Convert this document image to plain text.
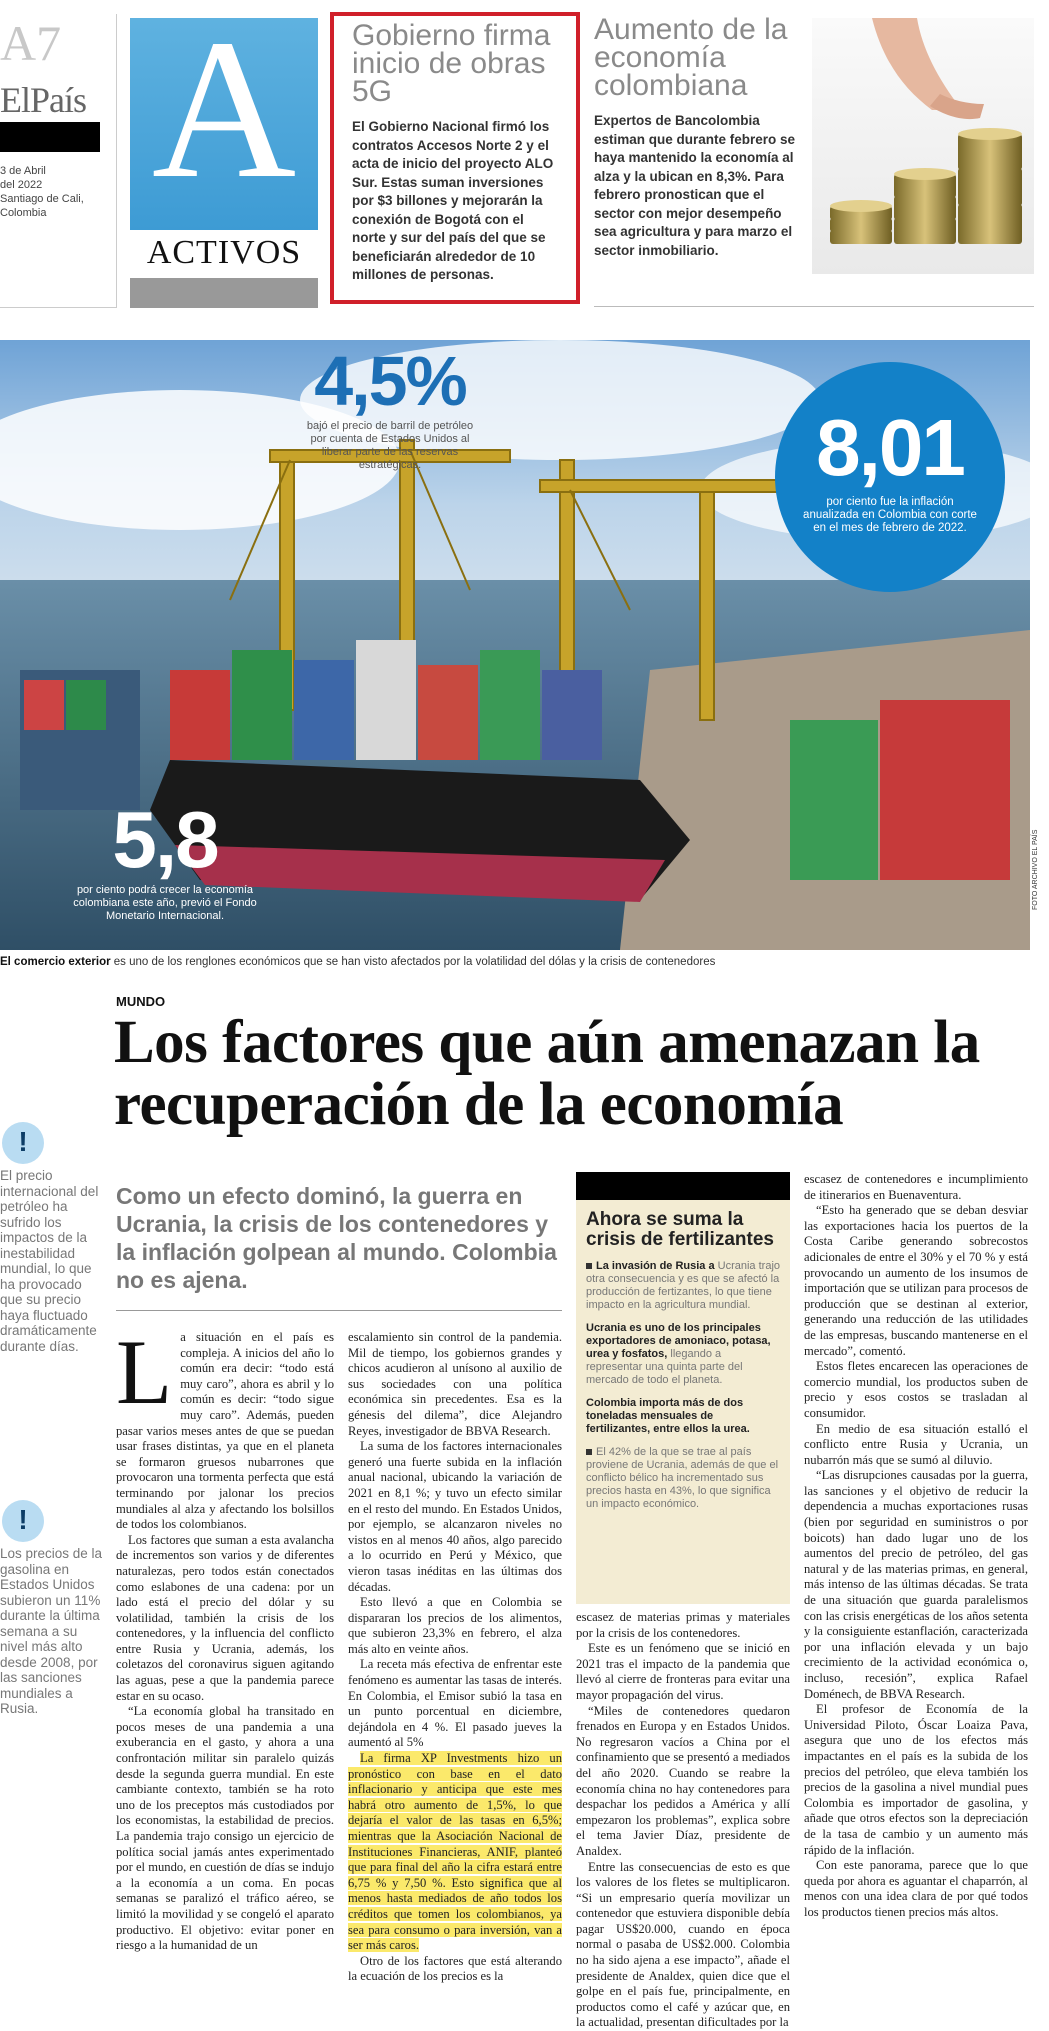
A7
ElPaís
3 de Abril
del 2022
Santiago de Cali,
Colombia A
ACTIVOS
Gobierno firma inicio de obras 5G

El Gobierno Nacional firmó los contratos Accesos Norte 2 y el acta de inicio del proyecto ALO Sur. Estas suman inversiones por $3 billones y mejorarán la conexión de Bogotá con el norte y sur del país del que se beneficiarán alrededor de 10 millones de personas.

Aumento de la economía colombiana

Expertos de Bancolombia estiman que durante febrero se haya mantenido la economía al alza y la ubican en 8,3%. Para febrero pronostican que el sector con mejor desempeño sea agricultura y para marzo el sector inmobiliario.

4,5%
bajó el precio de barril de petróleo por cuenta de Estados Unidos al liberar parte de las reservas estratégicas.	8,01
por ciento fue la inflación anualizada en Colombia con corte en el mes de febrero de 2022.
5,8
por ciento podrá crecer la economía colombiana este año, previó el Fondo Monetario Internacional.
FOTO ARCHIVO EL PAÍS
El comercio exterior es uno de los renglones económicos que se han visto afectados por la volatilidad del dólas y la crisis de contenedores
MUNDO
Los factores que aún amenazan la recuperación de la economía
!

El precio internacional del petróleo ha sufrido los impactos de la inestabilidad mundial, lo que ha provocado que su precio haya fluctuado dramáticamente durante días.

!

Los precios de la gasolina en Estados Unidos subieron un 11% durante la última semana a su nivel más alto desde 2008, por las sanciones mundiales a Rusia.

Como un efecto dominó, la guerra en Ucrania, la crisis de los contenedores y la inflación golpean al mundo. Colombia no es ajena.

L a situación en el país es compleja. A inicios del año lo común era decir: “todo está muy caro”, ahora es abril y lo común es decir: “todo sigue muy caro”. Además, pueden pasar varios meses antes de que se puedan usar frases distintas, ya que en el planeta se formaron gruesos nubarrones que provocaron una tormenta perfecta que está terminando por jalonar los precios mundiales al alza y afectando los bolsillos de todos los colombianos.

Los factores que suman a esta avalancha de incrementos son varios y de diferentes naturalezas, pero todos están conectados como eslabones de una cadena: por un lado está el precio del dólar y su volatilidad, también la crisis de los contenedores, y la influencia del conflicto entre Rusia y Ucrania, además, los coletazos del coronavirus siguen agitando las aguas, pese a que la pandemia parece estar en su ocaso.

“La economía global ha transitado en pocos meses de una pandemia a una exuberancia en el gasto, y ahora a una confrontación militar sin paralelo quizás desde la segunda guerra mundial. En este cambiante contexto, también se ha roto uno de los preceptos más custodiados por los economistas, la estabilidad de precios. La pandemia trajo consigo un ejercicio de política social jamás antes experimentado por el mundo, en cuestión de días se indujo a la economía a un coma. En pocas semanas se paralizó el tráfico aéreo, se limitó la movilidad y se congeló el aparato productivo. El objetivo: evitar poner en riesgo a la humanidad de un

escalamiento sin control de la pandemia. Mil de tiempo, los gobiernos grandes y chicos acudieron al unísono al auxilio de sus sociedades con una política económica sin precedentes. Esa es la génesis del dilema”, dice Alejandro Reyes, investigador de BBVA Research.

La suma de los factores internacionales generó una fuerte subida en la inflación anual nacional, ubicando la variación de 2021 en 8,1 %; y tuvo un efecto similar en el resto del mundo. En Estados Unidos, por ejemplo, se alcanzaron niveles no vistos en al menos 40 años, algo parecido a lo ocurrido en Perú y México, que vieron tasas inéditas en las últimas dos décadas.

Esto llevó a que en Colombia se dispararan los precios de los alimentos, que subieron 23,3% en febrero, el alza más alto en veinte años.

La receta más efectiva de enfrentar este fenómeno es aumentar las tasas de interés. En Colombia, el Emisor subió la tasa en un punto porcentual en diciembre, dejándola en 4 %. El pasado jueves la aumentó al 5%

La firma XP Investments hizo un pronóstico con base en el dato inflacionario y anticipa que este mes habrá otro aumento de 1,5%, lo que dejaría el valor de las tasas en 6,5%; mientras que la Asociación Nacional de Instituciones Financieras, ANIF, planteó que para final del año la cifra estará entre 6,75 % y 7,50 %. Esto significa que al menos hasta mediados de año todos los créditos que tomen los colombianos, ya sea para consumo o para inversión, van a ser más caros.

Otro de los factores que está alterando la ecuación de los precios es la

Ahora se suma la crisis de fertilizantes

La invasión de Rusia a Ucrania trajo otra consecuencia y es que se afectó la producción de fertizantes, lo que tiene impacto en la agricultura mundial.

Ucrania es uno de los principales exportadores de amoniaco, potasa, urea y fosfatos, llegando a representar una quinta parte del mercado de todo el planeta.

Colombia importa más de dos toneladas mensuales de fertilizantes, entre ellos la urea.

El 42% de la que se trae al país proviene de Ucrania, además de que el conflicto bélico ha incrementado sus precios hasta en 43%, lo que significa un impacto económico.

escasez de materias primas y materiales por la crisis de los contenedores.

Este es un fenómeno que se inició en 2021 tras el impacto de la pandemia que llevó al cierre de fronteras para evitar una mayor propagación del virus.

“Miles de contenedores quedaron frenados en Europa y en Estados Unidos. No regresaron vacíos a China por el confinamiento que se presentó a mediados del año 2020. Cuando se reabre la economía china no hay contenedores para despachar los pedidos a América y allí empezaron los problemas”, explica sobre el tema Javier Díaz, presidente de Analdex.

Entre las consecuencias de esto es que los valores de los fletes se multiplicaron. “Si un empresario quería movilizar un contenedor que estuviera disponible debía pagar US$20.000, cuando en época normal o pasaba de US$2.000. Colombia no ha sido ajena a ese impacto”, añade el presidente de Analdex, quien dice que el golpe en el país fue, principalmente, en productos como el café y azúcar que, en la actualidad, presentan dificultades por la

escasez de contenedores e incumplimiento de itinerarios en Buenaventura.

“Esto ha generado que se deban desviar las exportaciones hacia los puertos de la Costa Caribe generando sobrecostos adicionales de entre el 30% y el 70 % y está provocando un aumento de los insumos de importación que se utilizan para procesos de producción que se destinan al exterior, generando una reducción de las utilidades de las empresas, buscando mantenerse en el mercado”, comentó.

Estos fletes encarecen las operaciones de comercio mundial, los productos suben de precio y esos costos se trasladan al consumidor.

En medio de esa situación estalló el conflicto entre Rusia y Ucrania, un nubarrón más que se sumó al diluvio.

“Las disrupciones causadas por la guerra, las sanciones y el objetivo de reducir la dependencia a muchas exportaciones rusas (bien por seguridad en suministros o por boicots) han dado lugar uno de los aumentos del precio de petróleo, del gas natural y de las materias primas, en general, más intenso de las últimas décadas. Se trata de una situación que guarda paralelismos con las crisis energéticas de los años setenta y la consiguiente estanflación, caracterizada por una inflación elevada y un bajo crecimiento de la actividad económica o, incluso, recesión”, explica Rafael Doménech, de BBVA Research.

El profesor de Economía de la Universidad Piloto, Óscar Loaiza Pava, asegura que uno de los efectos más impactantes en el país es la subida de los precios del petróleo, que eleva también los precios de la gasolina a nivel mundial pues Colombia es importador de gasolina, y añade que otros efectos son la depreciación de la tasa de cambio y un aumento más rápido de la inflación.

Con este panorama, parece que lo que queda por ahora es aguantar el chaparrón, al menos con una idea clara de por qué todos los productos tienen precios más altos.
